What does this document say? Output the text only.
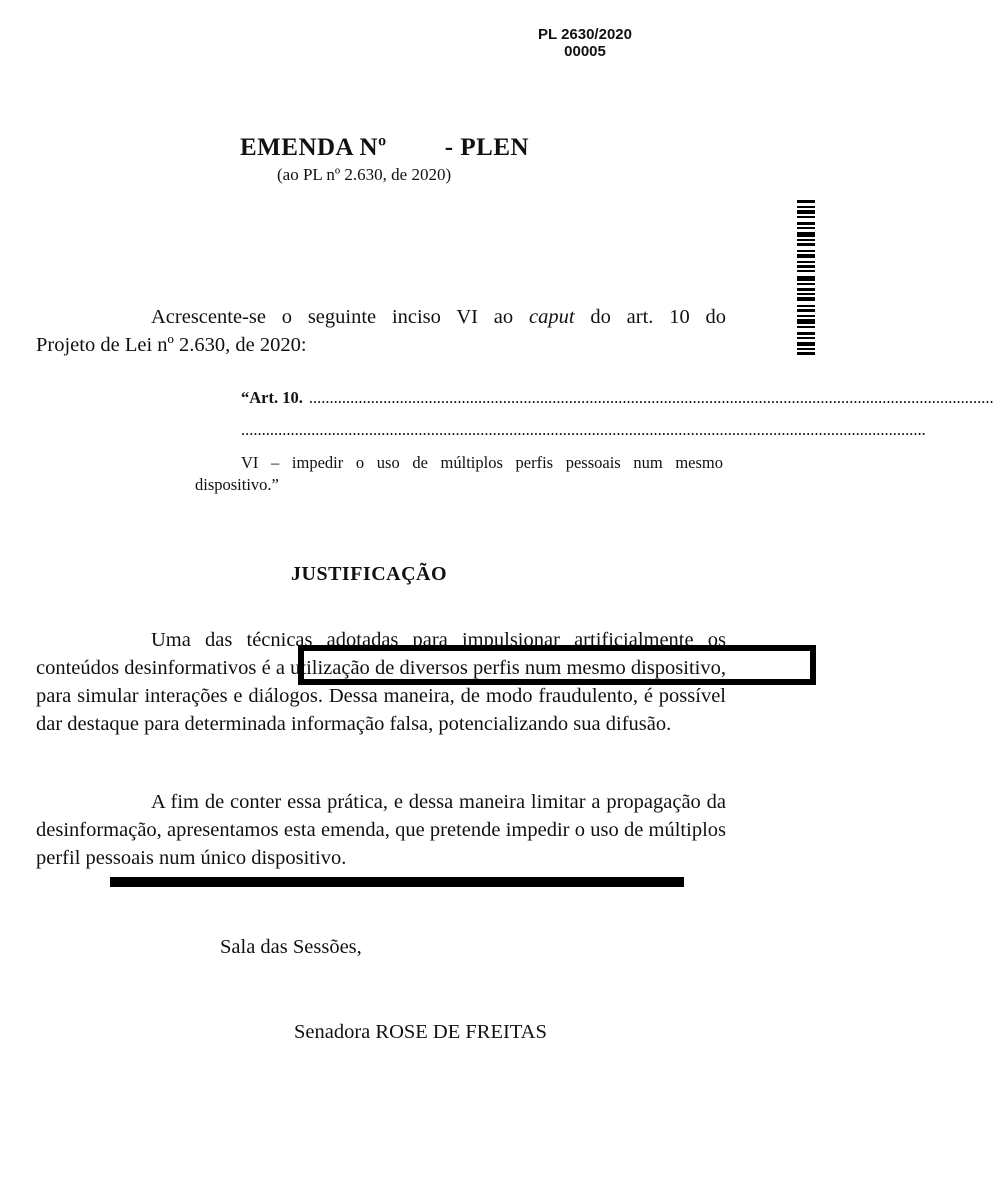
PL 2630/2020
00005
EMENDA Nº - PLEN
(ao PL nº 2.630, de 2020)
Acrescente-se o seguinte inciso VI ao caput do art. 10 do
Projeto de Lei nº 2.630, de 2020:
“Art. 10. ......................................................................................................................................................................
......................................................................................................................................................................
VI – impedir o uso de múltiplos perfis pessoais num mesmo dispositivo.”
JUSTIFICAÇÃO
Uma das técnicas adotadas para impulsionar artificialmente os conteúdos desinformativos é a utilização de diversos perfis num mesmo dispositivo, para simular interações e diálogos. Dessa maneira, de modo fraudulento, é possível dar destaque para determinada informação falsa, potencializando sua difusão.
A fim de conter essa prática, e dessa maneira limitar a propagação da desinformação, apresentamos esta emenda, que pretende impedir o uso de múltiplos perfil pessoais num único dispositivo.
Sala das Sessões,
Senadora ROSE DE FREITAS
